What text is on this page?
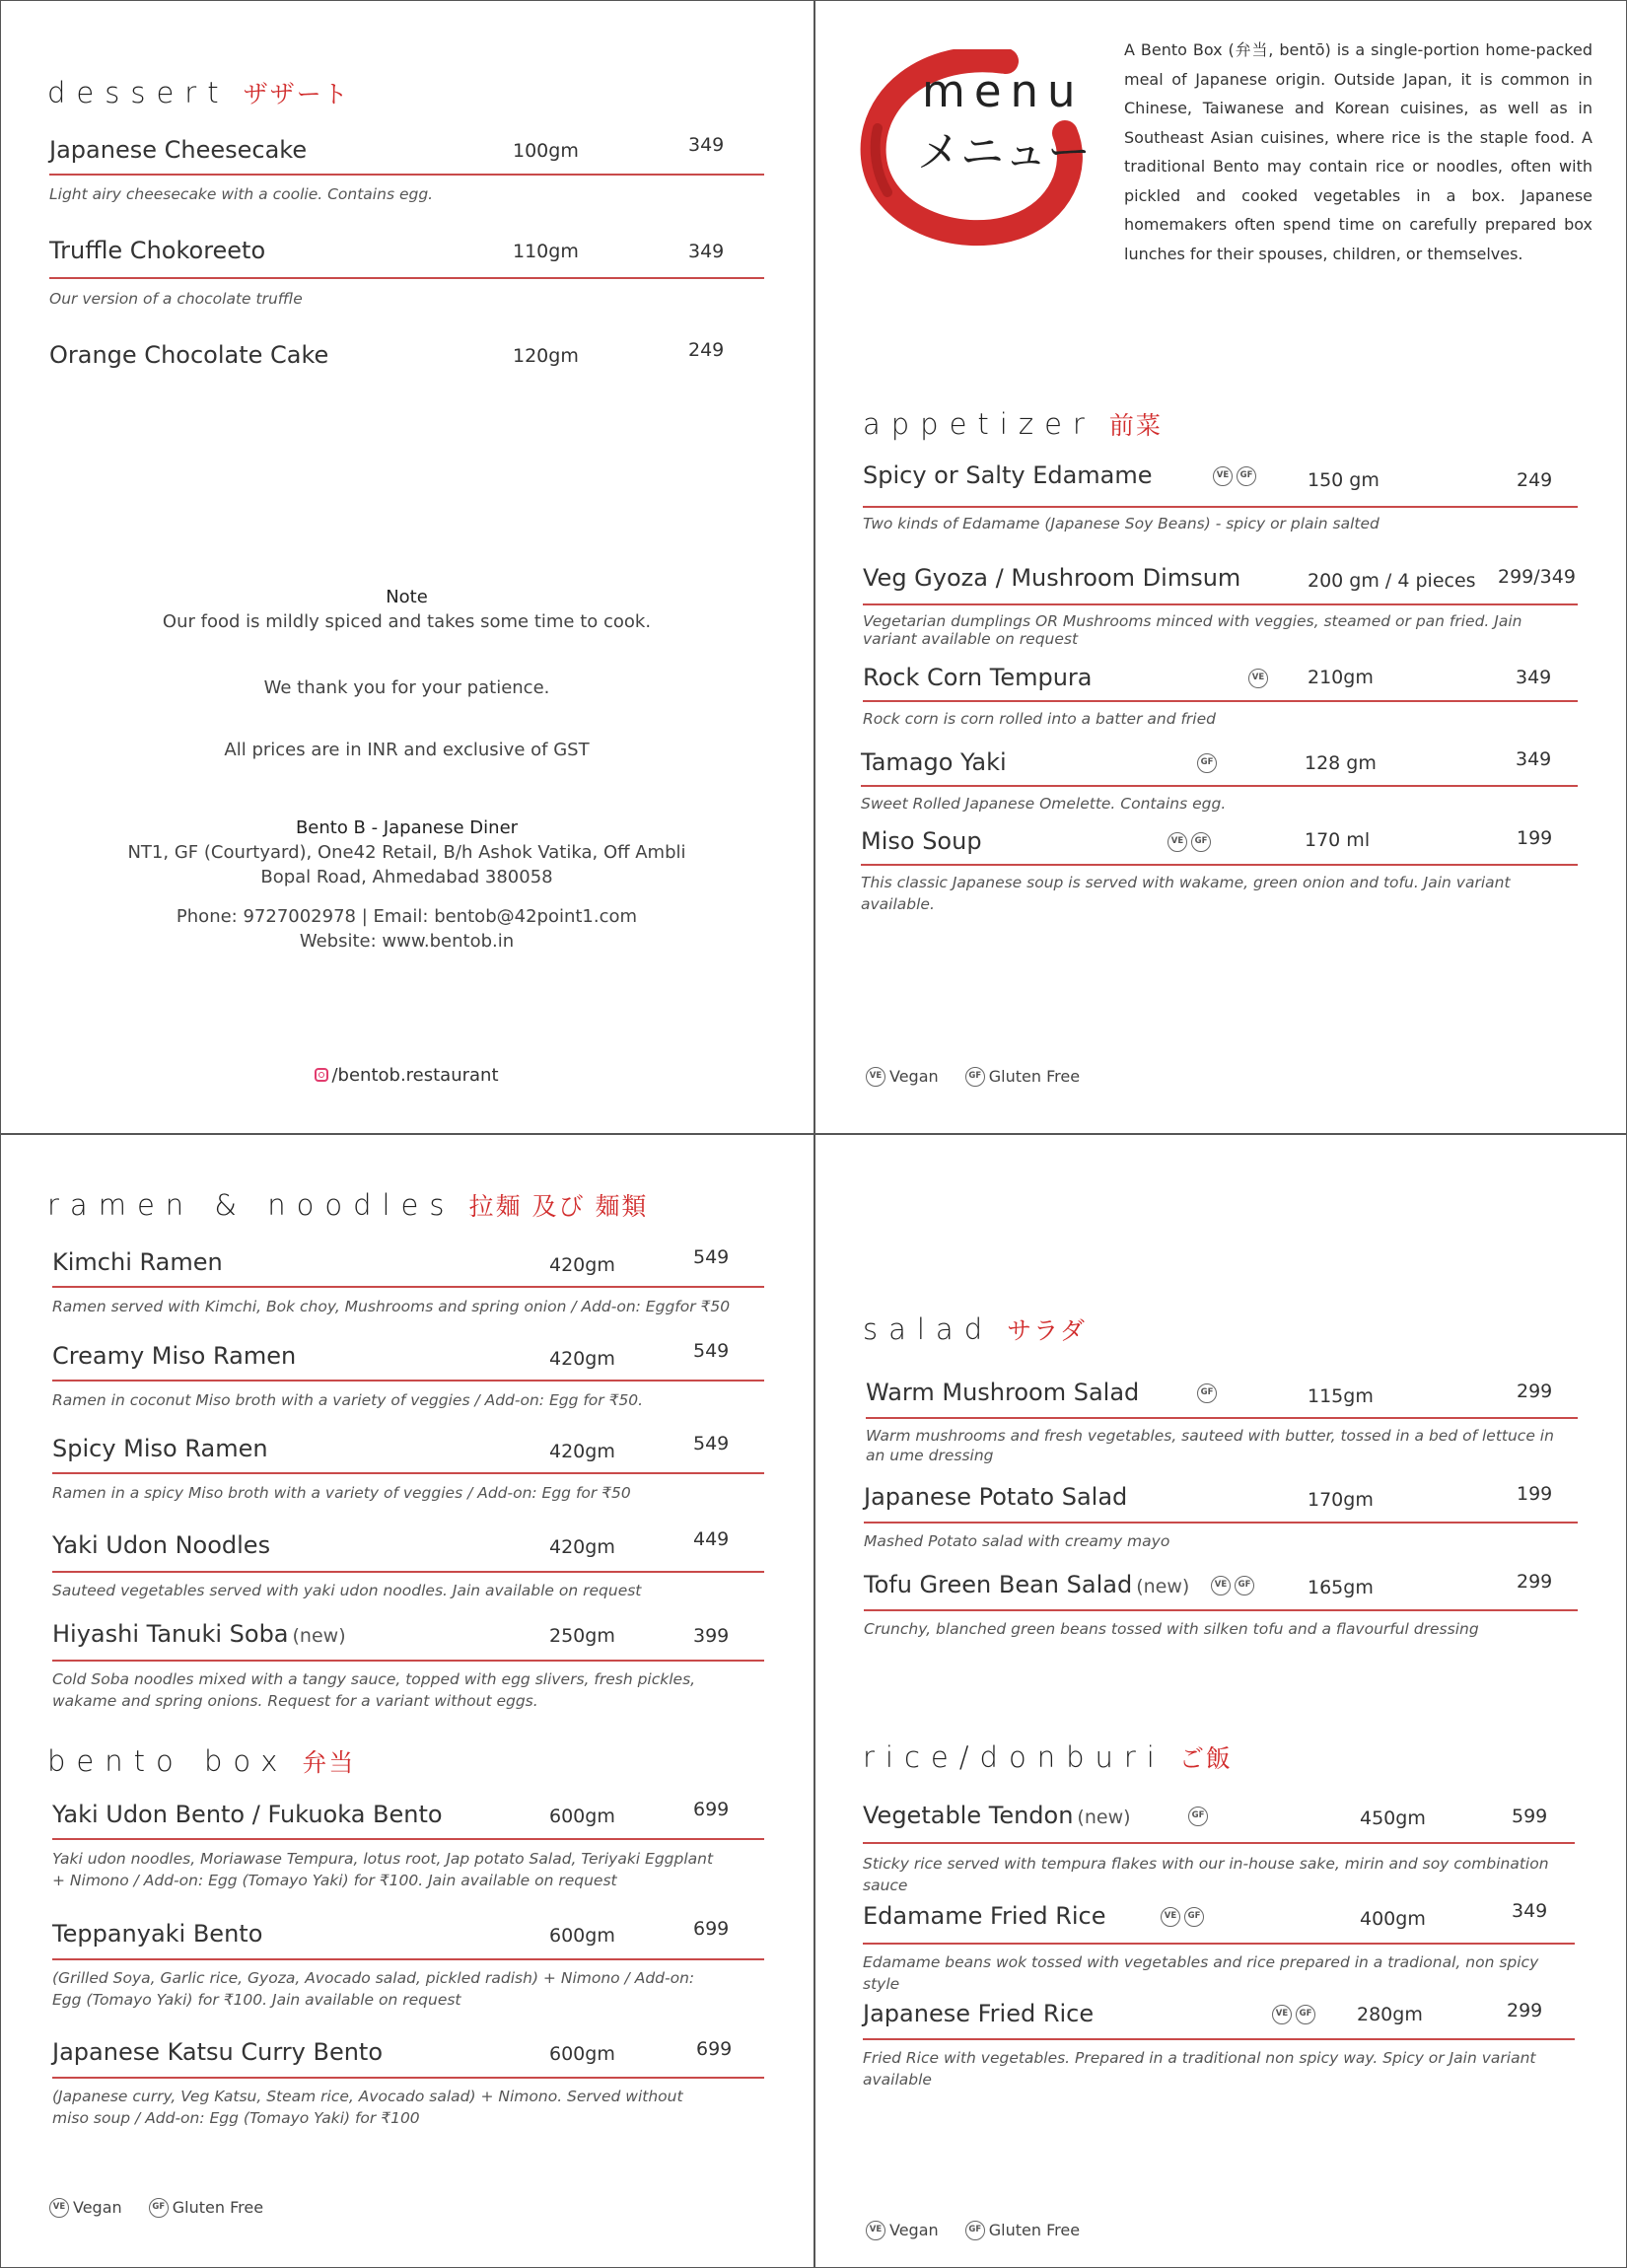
dessert ザザート
Japanese Cheesecake	100gm	349
Light airy cheesecake with a coolie. Contains egg.
Truffle Chokoreeto	110gm	349
Our version of a chocolate truffle
Orange Chocolate Cake	120gm	249
Note
Our food is mildly spiced and takes some time to cook.
We thank you for your patience.
All prices are in INR and exclusive of GST
Bento B - Japanese Diner
NT1, GF (Courtyard), One42 Retail, B/h Ashok Vatika, Off Ambli
Bopal Road, Ahmedabad 380058
Phone: 9727002978 | Email: bentob@42point1.com
Website: www.bentob.in
/bentob.restaurant
menu
メニュー
A Bento Box (弁当, bentō) is a single-portion home-packed meal of Japanese origin. Outside Japan, it is common in Chinese, Taiwanese and Korean cuisines, as well as in Southeast Asian cuisines, where rice is the staple food. A traditional Bento may contain rice or noodles, often with pickled and cooked vegetables in a box. Japanese homemakers often spend time on carefully prepared box lunches for their spouses, children, or themselves.
appetizer 前菜
Spicy or Salty Edamame	VE GF	150 gm	249
Two kinds of Edamame (Japanese Soy Beans) - spicy or plain salted
Veg Gyoza / Mushroom Dimsum	200 gm / 4 pieces 299/349
Vegetarian dumplings OR Mushrooms minced with veggies, steamed or pan fried. Jain variant available on request
Rock Corn Tempura	VE	210gm	349
Rock corn is corn rolled into a batter and fried
Tamago Yaki	GF	128 gm	349
Sweet Rolled Japanese Omelette. Contains egg.
Miso Soup	VE GF	170 ml	199
This classic Japanese soup is served with wakame, green onion and tofu. Jain variant available.
VE Vegan	GF Gluten Free
ramen & noodles 拉麺 及び 麺類
Kimchi Ramen	420gm	549
Ramen served with Kimchi, Bok choy, Mushrooms and spring onion / Add-on: Eggfor ₹50
Creamy Miso Ramen	420gm	549
Ramen in coconut Miso broth with a variety of veggies / Add-on: Egg for ₹50.
Spicy Miso Ramen	420gm	549
Ramen in a spicy Miso broth with a variety of veggies / Add-on: Egg for ₹50
Yaki Udon Noodles	420gm	449
Sauteed vegetables served with yaki udon noodles. Jain available on request
Hiyashi Tanuki Soba (new)	250gm	399
Cold Soba noodles mixed with a tangy sauce, topped with egg slivers, fresh pickles, wakame and spring onions. Request for a variant without eggs.
bento box 弁当
Yaki Udon Bento / Fukuoka Bento	600gm	699
Yaki udon noodles, Moriawase Tempura, lotus root, Jap potato Salad, Teriyaki Eggplant + Nimono / Add-on: Egg (Tomayo Yaki) for ₹100. Jain available on request
Teppanyaki Bento	600gm	699
(Grilled Soya, Garlic rice, Gyoza, Avocado salad, pickled radish) + Nimono / Add-on: Egg (Tomayo Yaki) for ₹100. Jain available on request
Japanese Katsu Curry Bento	600gm	699
(Japanese curry, Veg Katsu, Steam rice, Avocado salad) + Nimono. Served without miso soup / Add-on: Egg (Tomayo Yaki) for ₹100
VE Vegan	GF Gluten Free
salad サラダ
Warm Mushroom Salad	GF	115gm	299
Warm mushrooms and fresh vegetables, sauteed with butter, tossed in a bed of lettuce in an ume dressing
Japanese Potato Salad	170gm	199
Mashed Potato salad with creamy mayo
Tofu Green Bean Salad (new)	VE GF	165gm	299
Crunchy, blanched green beans tossed with silken tofu and a flavourful dressing
rice/donburi ご飯
Vegetable Tendon (new)	GF	450gm	599
Sticky rice served with tempura flakes with our in-house sake, mirin and soy combination sauce
Edamame Fried Rice	VE GF	400gm	349
Edamame beans wok tossed with vegetables and rice prepared in a tradional, non spicy style
Japanese Fried Rice	VE GF	280gm	299
Fried Rice with vegetables. Prepared in a traditional non spicy way. Spicy or Jain variant available
VE Vegan	GF Gluten Free
